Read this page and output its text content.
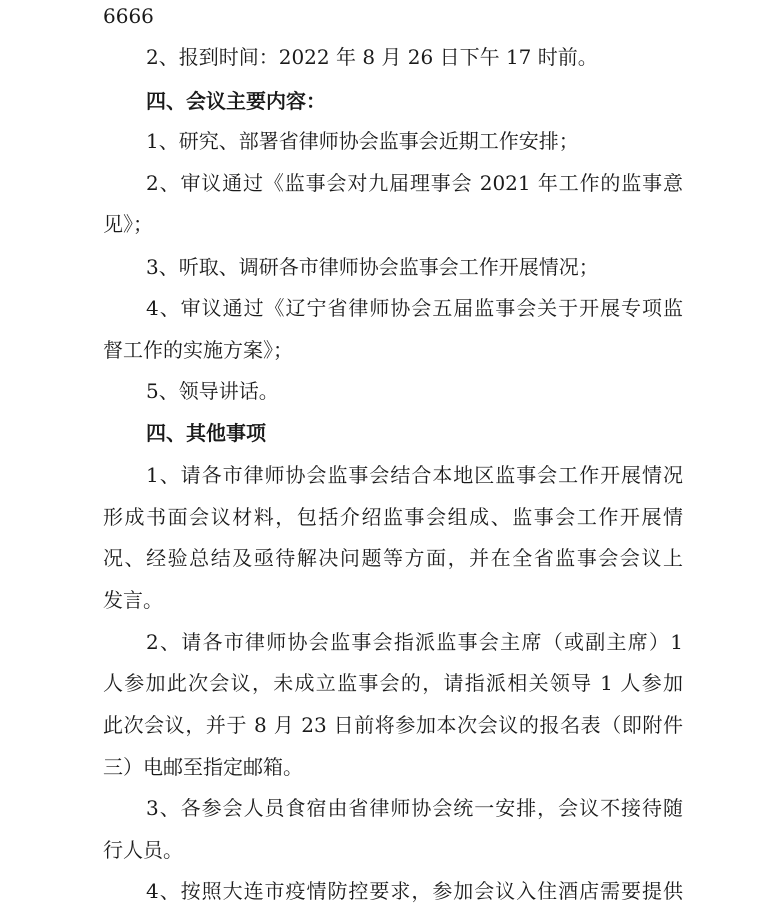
6666
2、报到时间：2022 年 8 月 26 日下午 17 时前。
四、会议主要内容：
1、研究、部署省律师协会监事会近期工作安排；
2、审议通过《监事会对九届理事会 2021 年工作的监事意
见》；
3、听取、调研各市律师协会监事会工作开展情况；
4、审议通过《辽宁省律师协会五届监事会关于开展专项监
督工作的实施方案》；
5、领导讲话。
四、其他事项
1、请各市律师协会监事会结合本地区监事会工作开展情况
形成书面会议材料，包括介绍监事会组成、监事会工作开展情
况、经验总结及亟待解决问题等方面，并在全省监事会会议上
发言。
2、请各市律师协会监事会指派监事会主席（或副主席）1
人参加此次会议，未成立监事会的，请指派相关领导 1 人参加
此次会议，并于 8 月 23 日前将参加本次会议的报名表（即附件
三）电邮至指定邮箱。
3、各参会人员食宿由省律师协会统一安排，会议不接待随
行人员。
4、按照大连市疫情防控要求，参加会议入住酒店需要提供
